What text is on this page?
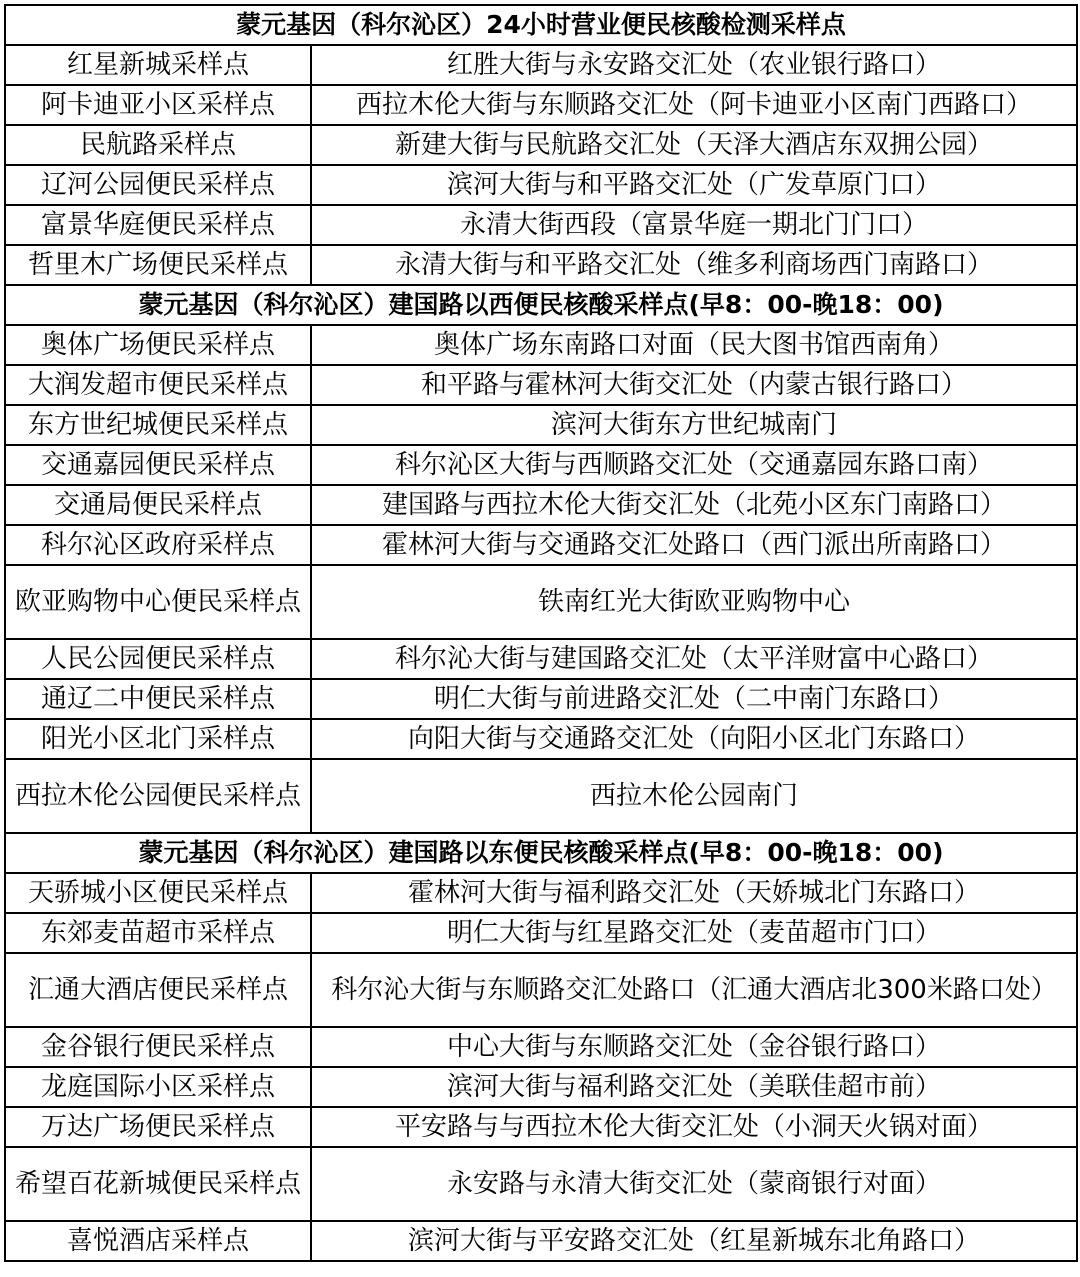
蒙元基因（科尔沁区）24小时营业便民核酸检测采样点	
红星新城采样点	红胜大街与永安路交汇处（农业银行路口）
阿卡迪亚小区采样点	西拉木伦大街与东顺路交汇处（阿卡迪亚小区南门西路口）
民航路采样点	新建大街与民航路交汇处（天泽大酒店东双拥公园）
辽河公园便民采样点	滨河大街与和平路交汇处（广发草原门口）
富景华庭便民采样点	永清大街西段（富景华庭一期北门门口）
哲里木广场便民采样点	永清大街与和平路交汇处（维多利商场西门南路口）
蒙元基因（科尔沁区）建国路以西便民核酸采样点(早8：00-晚18：00)	
奥体广场便民采样点	奥体广场东南路口对面（民大图书馆西南角）
大润发超市便民采样点	和平路与霍林河大街交汇处（内蒙古银行路口）
东方世纪城便民采样点	滨河大街东方世纪城南门
交通嘉园便民采样点	科尔沁区大街与西顺路交汇处（交通嘉园东路口南）
交通局便民采样点	建国路与西拉木伦大街交汇处（北苑小区东门南路口）
科尔沁区政府采样点	霍林河大街与交通路交汇处路口（西门派出所南路口）
欧亚购物中心便民采样点	铁南红光大街欧亚购物中心
人民公园便民采样点	科尔沁大街与建国路交汇处（太平洋财富中心路口）
通辽二中便民采样点	明仁大街与前进路交汇处（二中南门东路口）
阳光小区北门采样点	向阳大街与交通路交汇处（向阳小区北门东路口）
西拉木伦公园便民采样点	西拉木伦公园南门
蒙元基因（科尔沁区）建国路以东便民核酸采样点(早8：00-晚18：00)	
天骄城小区便民采样点	霍林河大街与福利路交汇处（天娇城北门东路口）
东郊麦苗超市采样点	明仁大街与红星路交汇处（麦苗超市门口）
汇通大酒店便民采样点	科尔沁大街与东顺路交汇处路口（汇通大酒店北300米路口处）
金谷银行便民采样点	中心大街与东顺路交汇处（金谷银行路口）
龙庭国际小区采样点	滨河大街与福利路交汇处（美联佳超市前）
万达广场便民采样点	平安路与与西拉木伦大街交汇处（小洞天火锅对面）
希望百花新城便民采样点	永安路与永清大街交汇处（蒙商银行对面）
喜悦酒店采样点	滨河大街与平安路交汇处（红星新城东北角路口）
